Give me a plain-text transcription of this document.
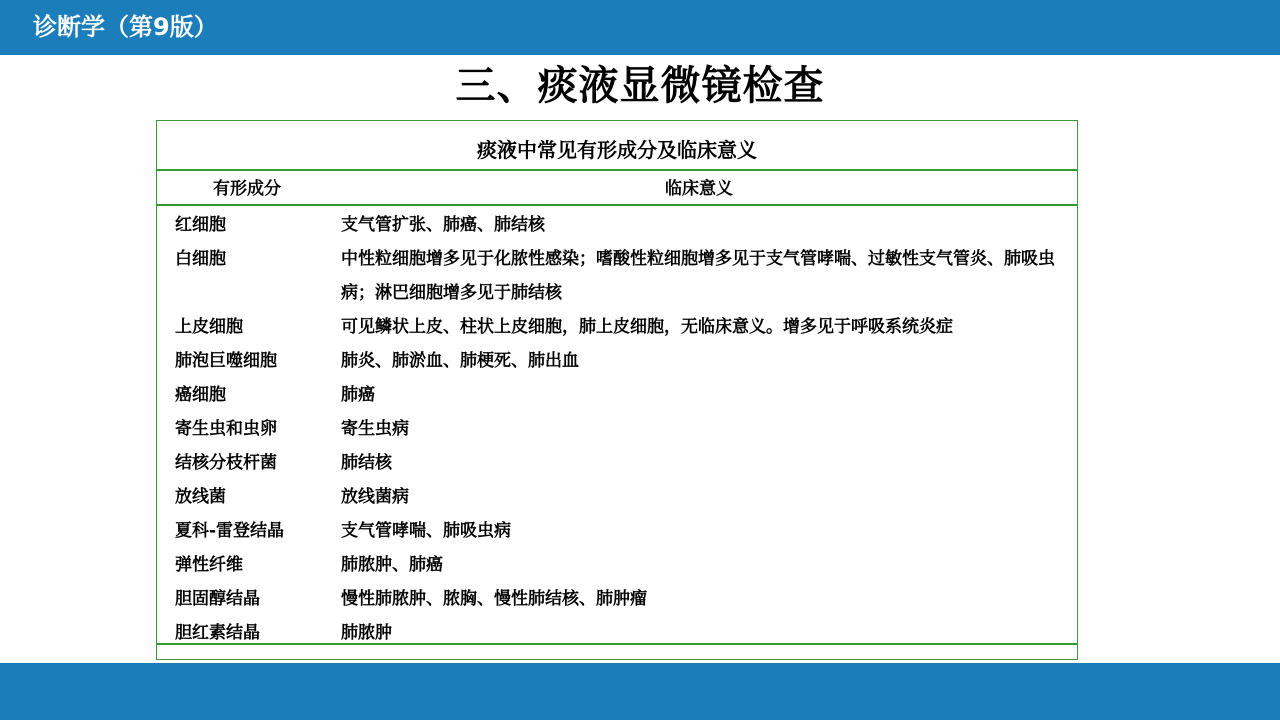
诊断学（第9版）
三、痰液显微镜检查
痰液中常见有形成分及临床意义
有形成分	临床意义
红细胞	支气管扩张、肺癌、肺结核
白细胞	中性粒细胞增多见于化脓性感染；嗜酸性粒细胞增多见于支气管哮喘、过敏性支气管炎、肺吸虫病；淋巴细胞增多见于肺结核
上皮细胞	可见鳞状上皮、柱状上皮细胞，肺上皮细胞，无临床意义。增多见于呼吸系统炎症
肺泡巨噬细胞	肺炎、肺淤血、肺梗死、肺出血
癌细胞	肺癌
寄生虫和虫卵	寄生虫病
结核分枝杆菌	肺结核
放线菌	放线菌病
夏科-雷登结晶	支气管哮喘、肺吸虫病
弹性纤维	肺脓肿、肺癌
胆固醇结晶	慢性肺脓肿、脓胸、慢性肺结核、肺肿瘤
胆红素结晶	肺脓肿
